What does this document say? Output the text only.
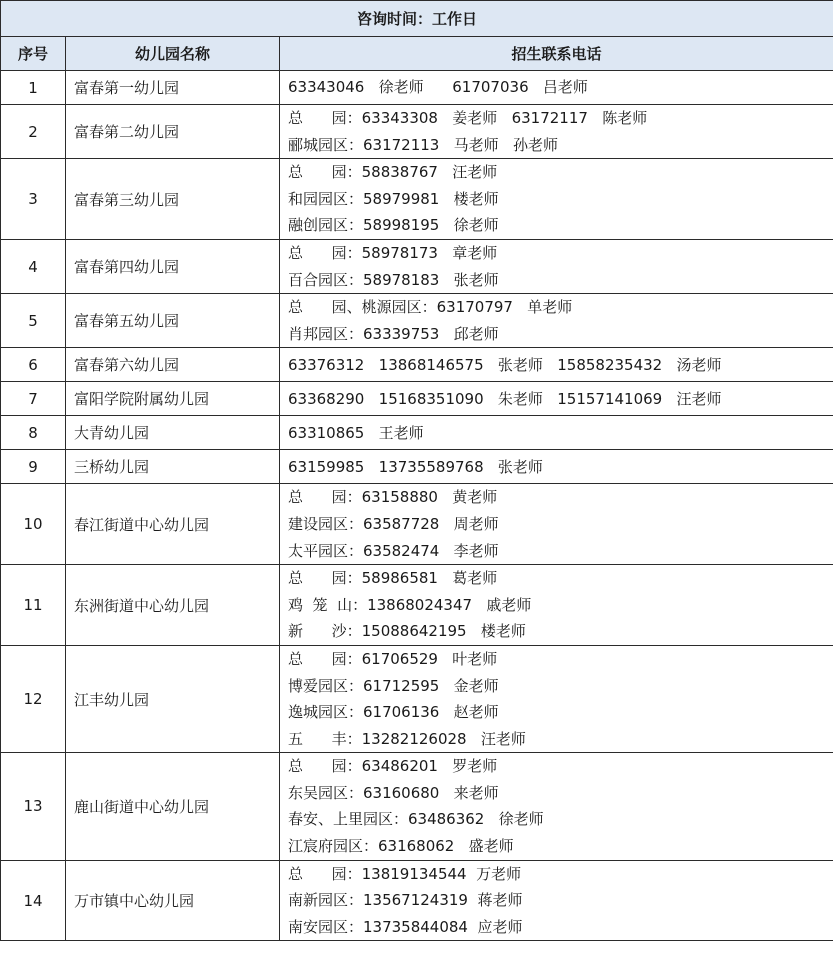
咨询时间：工作日		
序号	幼儿园名称	招生联系电话
1	富春第一幼儿园	63343046   徐老师      61707036   吕老师

2	富春第二幼儿园	总      园：63343308   姜老师   63172117   陈老师
郦城园区：63172113   马老师   孙老师

3	富春第三幼儿园	总      园：58838767   汪老师
和园园区：58979981   楼老师
融创园区：58998195   徐老师

4	富春第四幼儿园	总      园：58978173   章老师
百合园区：58978183   张老师

5	富春第五幼儿园	总      园、桃源园区：63170797   单老师
肖邦园区：63339753   邱老师

6	富春第六幼儿园	63376312   13868146575   张老师   15858235432   汤老师

7	富阳学院附属幼儿园	63368290   15168351090   朱老师   15157141069   汪老师

8	大青幼儿园	63310865   王老师

9	三桥幼儿园	63159985   13735589768   张老师

10	春江街道中心幼儿园	总      园：63158880   黄老师
建设园区：63587728   周老师
太平园区：63582474   李老师

11	东洲街道中心幼儿园	总      园：58986581   葛老师
鸡  笼  山：13868024347   戚老师
新      沙：15088642195   楼老师

12	江丰幼儿园	总      园：61706529   叶老师
博爱园区：61712595   金老师
逸城园区：61706136   赵老师
五      丰：13282126028   汪老师

13	鹿山街道中心幼儿园	总      园：63486201   罗老师
东吴园区：63160680   来老师
春安、上里园区：63486362   徐老师
江宸府园区：63168062   盛老师

14	万市镇中心幼儿园	总      园：13819134544  万老师
南新园区：13567124319  蒋老师
南安园区：13735844084  应老师
